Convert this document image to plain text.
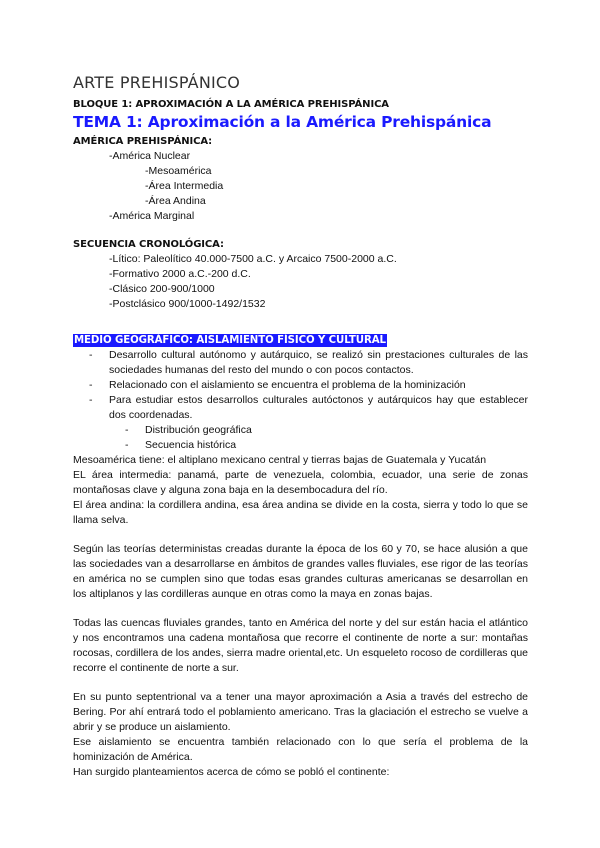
ARTE PREHISPÁNICO
BLOQUE 1: APROXIMACIÓN A LA AMÉRICA PREHISPÁNICA
TEMA 1: Aproximación a la América Prehispánica
AMÉRICA PREHISPÁNICA:
-América Nuclear
-Mesoamérica
-Área Intermedia
-Área Andina
-América Marginal
SECUENCIA CRONOLÓGICA:
-Lítico: Paleolítico 40.000-7500 a.C. y Arcaico 7500-2000 a.C.
-Formativo 2000 a.C.-200 d.C.
-Clásico 200-900/1000
-Postclásico 900/1000-1492/1532
MEDIO GEOGRÁFICO: AISLAMIENTO FÍSICO Y CULTURAL
- Desarrollo cultural autónomo y autárquico, se realizó sin prestaciones culturales de las sociedades humanas del resto del mundo o con pocos contactos.
- Relacionado con el aislamiento se encuentra el problema de la hominización
- Para estudiar estos desarrollos culturales autóctonos y autárquicos hay que establecer dos coordenadas.
- Distribución geográfica
- Secuencia histórica
Mesoamérica tiene: el altiplano mexicano central y tierras bajas de Guatemala y Yucatán
EL área intermedia: panamá, parte de venezuela, colombia, ecuador, una serie de zonas montañosas clave y alguna zona baja en la desembocadura del río.
El área andina: la cordillera andina, esa área andina se divide en la costa, sierra y todo lo que se llama selva.
Según las teorías deterministas creadas durante la época de los 60 y 70, se hace alusión a que las sociedades van a desarrollarse en ámbitos de grandes valles fluviales, ese rigor de las teorías en américa no se cumplen sino que todas esas grandes culturas americanas se desarrollan en los altiplanos y las cordilleras aunque en otras como la maya en zonas bajas.
Todas las cuencas fluviales grandes, tanto en América del norte y del sur están hacia el atlántico y nos encontramos una cadena montañosa que recorre el continente de norte a sur: montañas rocosas, cordillera de los andes, sierra madre oriental,etc. Un esqueleto rocoso de cordilleras que recorre el continente de norte a sur.
En su punto septentrional va a tener una mayor aproximación a Asia a través del estrecho de Bering. Por ahí entrará todo el poblamiento americano. Tras la glaciación el estrecho se vuelve a abrir y se produce un aislamiento.
Ese aislamiento se encuentra también relacionado con lo que sería el problema de la hominización de América.
Han surgido planteamientos acerca de cómo se pobló el continente:
